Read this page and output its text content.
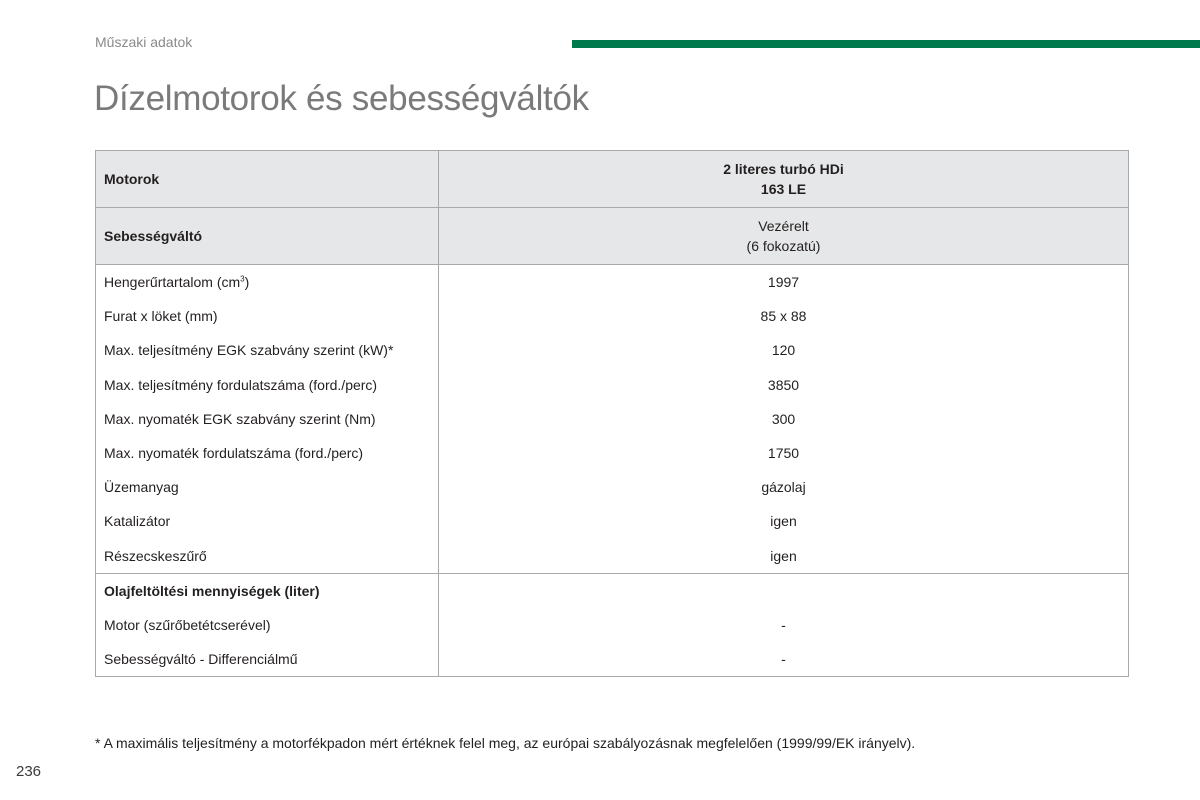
Műszaki adatok
Dízelmotorok és sebességváltók
Motorok	2 literes turbó HDi
163 LE

Sebességváltó	Vezérelt
(6 fokozatú)

Hengerűrtartalom $(cm^3)$	1997
Furat x löket (mm)	85 x 88
Max. teljesítmény EGK szabvány szerint (kW)*	120
Max. teljesítmény fordulatszáma (ford./perc)	3850
Max. nyomaték EGK szabvány szerint (Nm)	300
Max. nyomaték fordulatszáma (ford./perc)	1750
Üzemanyag	gázolaj
Katalizátor	igen
Részecskeszűrő	igen
Olajfeltöltési mennyiségek (liter)	
Motor (szűrőbetétcserével)	-
Sebességváltó - Differenciálmű	-
* A maximális teljesítmény a motorfékpadon mért értéknek felel meg, az európai szabályozásnak megfelelően (1999/99/EK irányelv).
236
